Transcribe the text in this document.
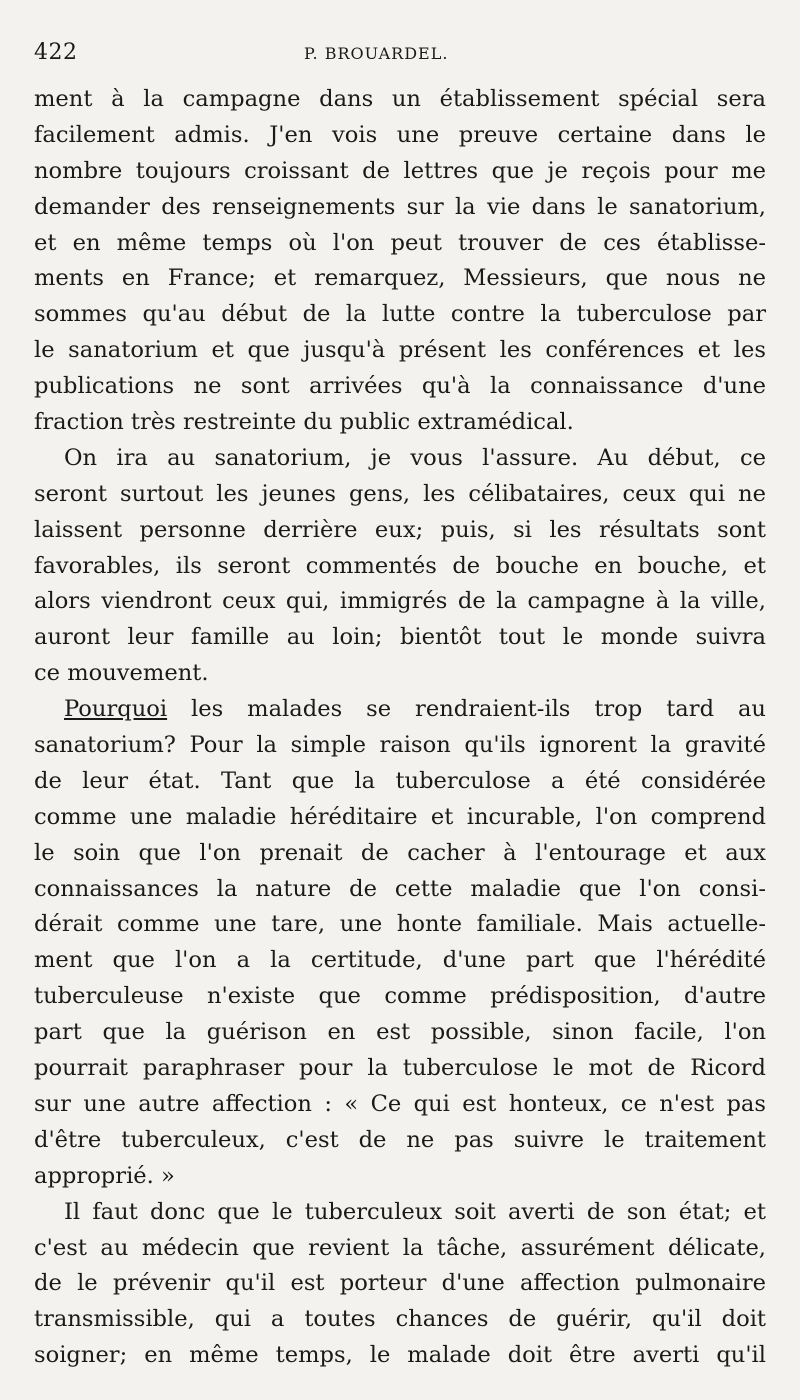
422	P. BROUARDEL.
ment à la campagne dans un établissement spécial sera
facilement admis. J'en vois une preuve certaine dans le
nombre toujours croissant de lettres que je reçois pour me
demander des renseignements sur la vie dans le sanatorium,
et en même temps où l'on peut trouver de ces établisse-
ments en France; et remarquez, Messieurs, que nous ne
sommes qu'au début de la lutte contre la tuberculose par
le sanatorium et que jusqu'à présent les conférences et les
publications ne sont arrivées qu'à la connaissance d'une
fraction très restreinte du public extramédical.
On ira au sanatorium, je vous l'assure. Au début, ce
seront surtout les jeunes gens, les célibataires, ceux qui ne
laissent personne derrière eux; puis, si les résultats sont
favorables, ils seront commentés de bouche en bouche, et
alors viendront ceux qui, immigrés de la campagne à la ville,
auront leur famille au loin; bientôt tout le monde suivra
ce mouvement.
Pourquoi les malades se rendraient-ils trop tard au
sanatorium? Pour la simple raison qu'ils ignorent la gravité
de leur état. Tant que la tuberculose a été considérée
comme une maladie héréditaire et incurable, l'on comprend
le soin que l'on prenait de cacher à l'entourage et aux
connaissances la nature de cette maladie que l'on consi-
dérait comme une tare, une honte familiale. Mais actuelle-
ment que l'on a la certitude, d'une part que l'hérédité
tuberculeuse n'existe que comme prédisposition, d'autre
part que la guérison en est possible, sinon facile, l'on
pourrait paraphraser pour la tuberculose le mot de Ricord
sur une autre affection : « Ce qui est honteux, ce n'est pas
d'être tuberculeux, c'est de ne pas suivre le traitement
approprié. »
Il faut donc que le tuberculeux soit averti de son état; et
c'est au médecin que revient la tâche, assurément délicate,
de le prévenir qu'il est porteur d'une affection pulmonaire
transmissible, qui a toutes chances de guérir, qu'il doit
soigner; en même temps, le malade doit être averti qu'il
